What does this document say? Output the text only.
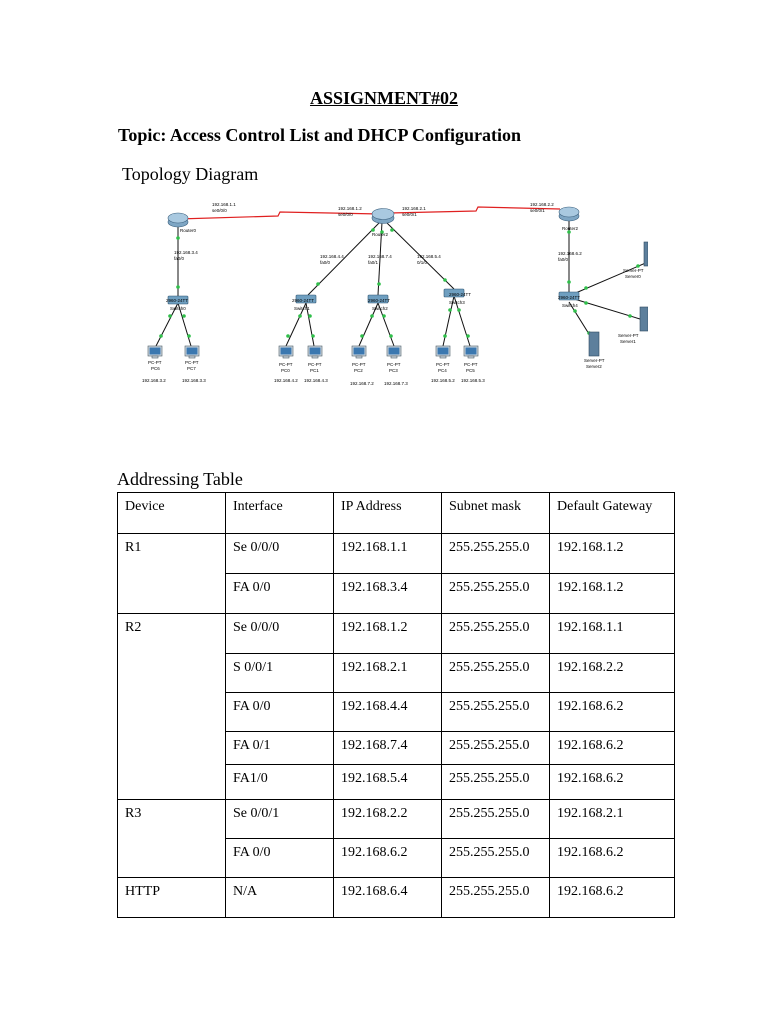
ASSIGNMENT#02
Topic: Access Control List and DHCP Configuration
Topology Diagram
192.168.1.1
se0/0/0
Router0
192.168.3.4
fa0/0
192.168.1.2
se0/0/0
192.168.2.1
se0/0/1
Router2
192.168.2.2
se0/0/1
Router2
192.168.6.2
fa0/0
192.168.4.4
fa0/0
192.168.7.4
fa0/1
192.168.5.4
0/1/0
2960-24TT
Switch0
2960-24TT
Switch1
2960-24TT
Switch2
2960-24TT
Switch3
2960-24TT
Switch4
PC-PT
PC6
PC-PT
PC7
PC-PT
PC0
PC-PT
PC1
PC-PT
PC2
PC-PT
PC3
PC-PT
PC4
PC-PT
PC5
192.168.3.2	192.168.3.3	192.168.4.2 192.168.4.3
192.168.7.2 192.168.7.3
192.168.5.2 192.168.5.3
Server-PT
Server0
Server-PT
Server1
Server-PT
Server2
Addressing Table
Device	Interface	IP Address	Subnet mask	Default Gateway
R1	Se 0/0/0	192.168.1.1	255.255.255.0	192.168.1.2
	FA 0/0	192.168.3.4	255.255.255.0	192.168.1.2
R2	Se 0/0/0	192.168.1.2	255.255.255.0	192.168.1.1
	S 0/0/1	192.168.2.1	255.255.255.0	192.168.2.2
	FA 0/0	192.168.4.4	255.255.255.0	192.168.6.2
	FA 0/1	192.168.7.4	255.255.255.0	192.168.6.2
	FA1/0	192.168.5.4	255.255.255.0	192.168.6.2
R3	Se 0/0/1	192.168.2.2	255.255.255.0	192.168.2.1
	FA 0/0	192.168.6.2	255.255.255.0	192.168.6.2
HTTP	N/A	192.168.6.4	255.255.255.0	192.168.6.2
